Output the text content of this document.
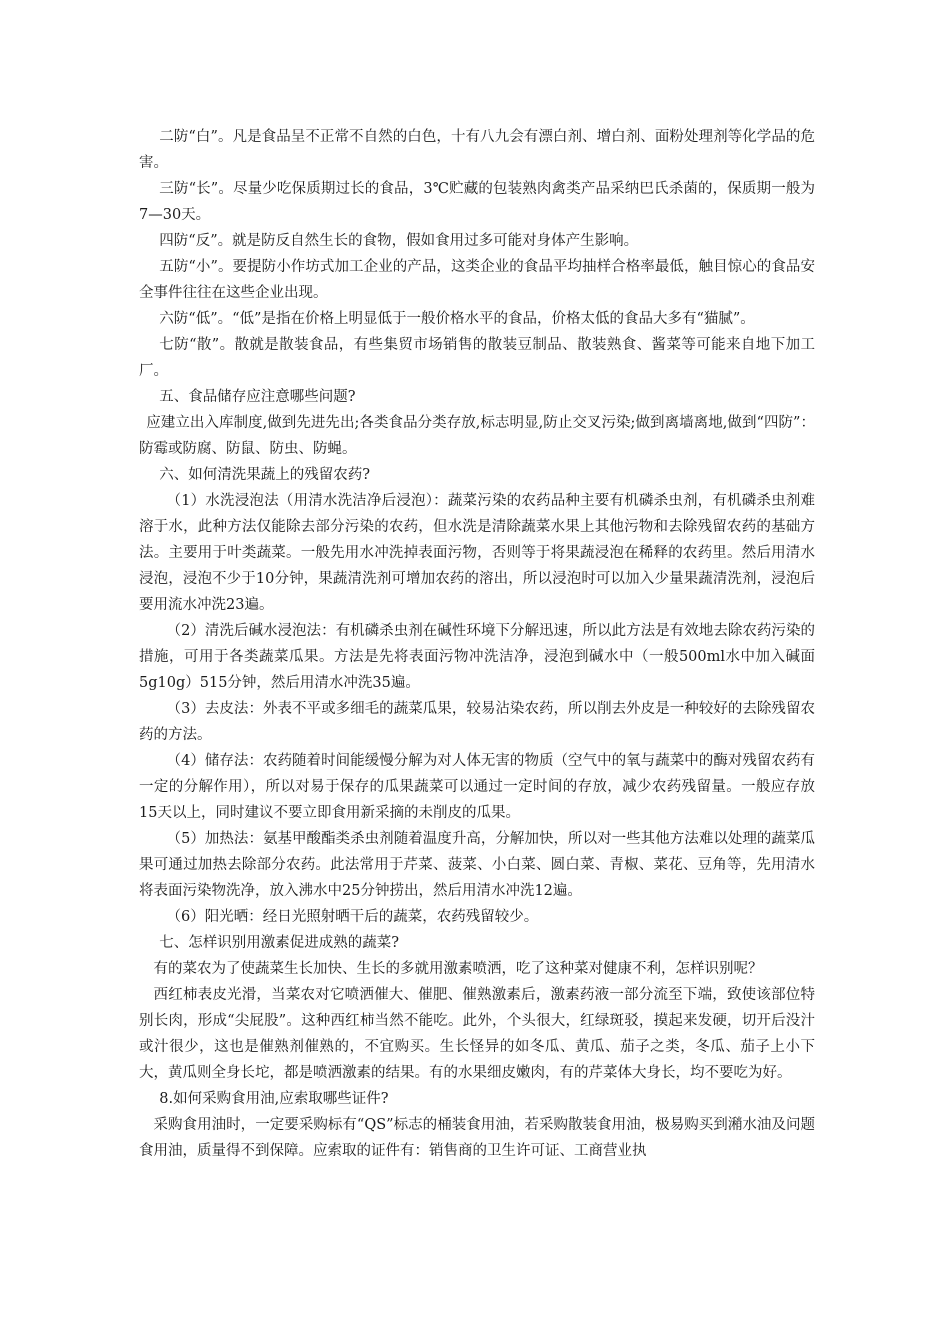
二防“白”。凡是食品呈不正常不自然的白色，十有八九会有漂白剂、增白剂、面粉处理剂等化学品的危害。

三防“长”。尽量少吃保质期过长的食品，3℃贮藏的包装熟肉禽类产品采纳巴氏杀菌的，保质期一般为7—30天。

四防“反”。就是防反自然生长的食物，假如食用过多可能对身体产生影响。

五防“小”。要提防小作坊式加工企业的产品，这类企业的食品平均抽样合格率最低，触目惊心的食品安全事件往往在这些企业出现。

六防“低”。“低”是指在价格上明显低于一般价格水平的食品，价格太低的食品大多有“猫腻”。

七防“散”。散就是散装食品，有些集贸市场销售的散装豆制品、散装熟食、酱菜等可能来自地下加工厂。

五、食品储存应注意哪些问题?

应建立出入库制度,做到先进先出;各类食品分类存放,标志明显,防止交叉污染;做到离墙离地,做到“四防”：防霉或防腐、防鼠、防虫、防蝇。

六、如何清洗果蔬上的残留农药?

（1）水洗浸泡法（用清水洗洁净后浸泡）：蔬菜污染的农药品种主要有机磷杀虫剂，有机磷杀虫剂难溶于水，此种方法仅能除去部分污染的农药，但水洗是清除蔬菜水果上其他污物和去除残留农药的基础方法。主要用于叶类蔬菜。一般先用水冲洗掉表面污物，否则等于将果蔬浸泡在稀释的农药里。然后用清水浸泡，浸泡不少于10分钟，果蔬清洗剂可增加农药的溶出，所以浸泡时可以加入少量果蔬清洗剂，浸泡后要用流水冲洗23遍。

（2）清洗后碱水浸泡法：有机磷杀虫剂在碱性环境下分解迅速，所以此方法是有效地去除农药污染的措施，可用于各类蔬菜瓜果。方法是先将表面污物冲洗洁净，浸泡到碱水中（一般500ml水中加入碱面5g10g）515分钟，然后用清水冲洗35遍。

（3）去皮法：外表不平或多细毛的蔬菜瓜果，较易沾染农药，所以削去外皮是一种较好的去除残留农药的方法。

（4）储存法：农药随着时间能缓慢分解为对人体无害的物质（空气中的氧与蔬菜中的酶对残留农药有一定的分解作用），所以对易于保存的瓜果蔬菜可以通过一定时间的存放，减少农药残留量。一般应存放15天以上，同时建议不要立即食用新采摘的未削皮的瓜果。

（5）加热法：氨基甲酸酯类杀虫剂随着温度升高，分解加快，所以对一些其他方法难以处理的蔬菜瓜果可通过加热去除部分农药。此法常用于芹菜、菠菜、小白菜、圆白菜、青椒、菜花、豆角等，先用清水将表面污染物洗净，放入沸水中25分钟捞出，然后用清水冲洗12遍。

（6）阳光晒：经日光照射晒干后的蔬菜，农药残留较少。

七、怎样识别用激素促进成熟的蔬菜?

有的菜农为了使蔬菜生长加快、生长的多就用激素喷洒，吃了这种菜对健康不利，怎样识别呢？

西红柿表皮光滑，当菜农对它喷洒催大、催肥、催熟激素后，激素药液一部分流至下端，致使该部位特别长肉，形成“尖屁股”。这种西红柿当然不能吃。此外，个头很大，红绿斑驳，摸起来发硬，切开后没汁或汁很少，这也是催熟剂催熟的，不宜购买。生长怪异的如冬瓜、黄瓜、茄子之类，冬瓜、茄子上小下大，黄瓜则全身长坨，都是喷洒激素的结果。有的水果细皮嫩肉，有的芹菜体大身长，均不要吃为好。

8.如何采购食用油,应索取哪些证件?

采购食用油时，一定要采购标有“QS”标志的桶装食用油，若采购散装食用油，极易购买到潲水油及问题食用油，质量得不到保障。应索取的证件有：销售商的卫生许可证、工商营业执
